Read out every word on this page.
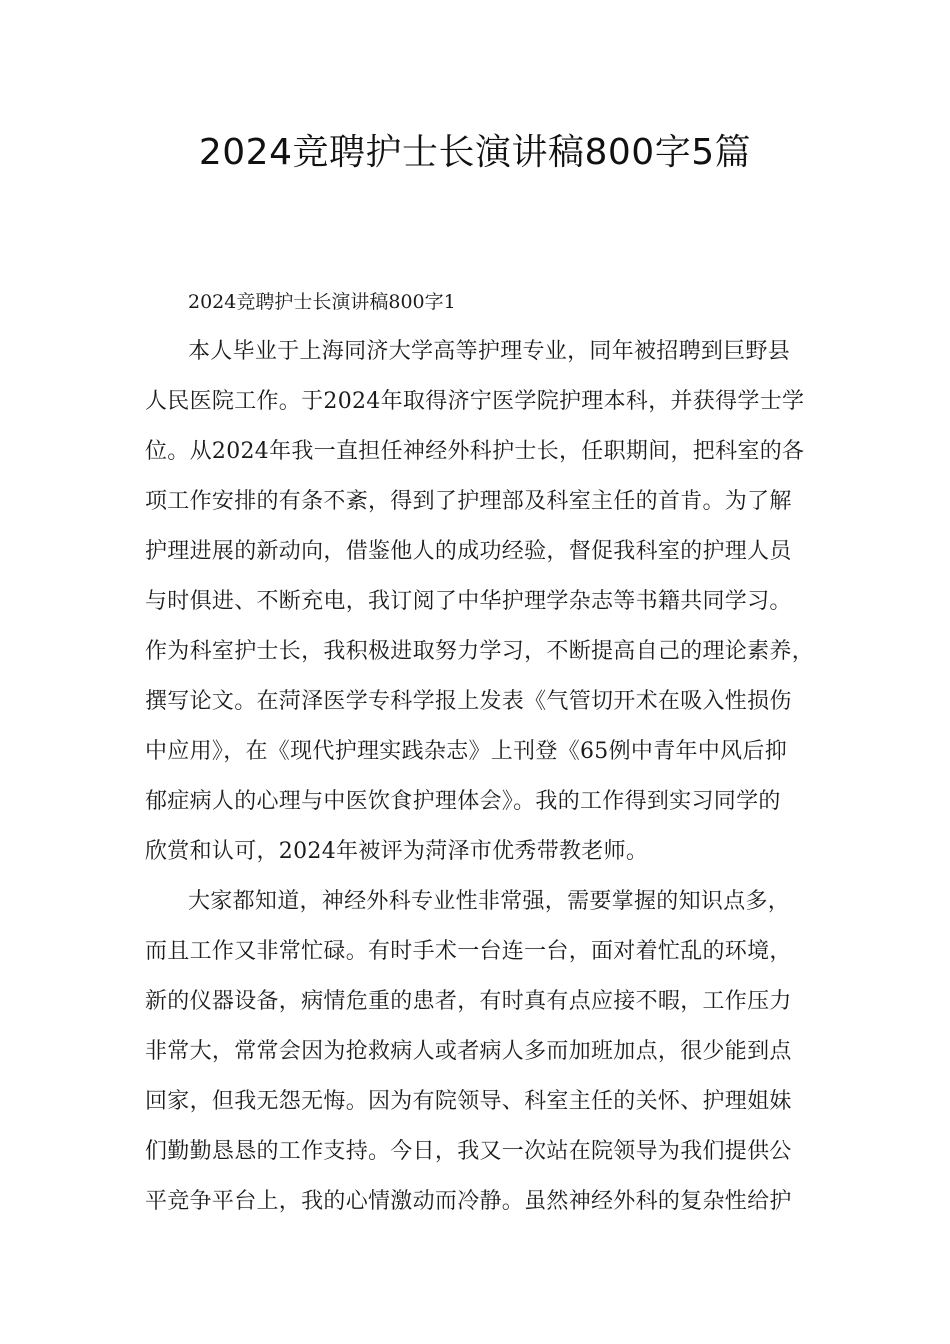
2024竞聘护士长演讲稿800字5篇
2024竞聘护士长演讲稿800字1
本人毕业于上海同济大学高等护理专业，同年被招聘到巨野县
人民医院工作。于2024年取得济宁医学院护理本科，并获得学士学
位。从2024年我一直担任神经外科护士长，任职期间，把科室的各
项工作安排的有条不紊，得到了护理部及科室主任的首肯。为了解
护理进展的新动向，借鉴他人的成功经验，督促我科室的护理人员
与时俱进、不断充电，我订阅了中华护理学杂志等书籍共同学习。
作为科室护士长，我积极进取努力学习，不断提高自己的理论素养，
撰写论文。在菏泽医学专科学报上发表《气管切开术在吸入性损伤
中应用》，在《现代护理实践杂志》上刊登《65例中青年中风后抑
郁症病人的心理与中医饮食护理体会》。我的工作得到实习同学的
欣赏和认可，2024年被评为菏泽市优秀带教老师。
大家都知道，神经外科专业性非常强，需要掌握的知识点多，
而且工作又非常忙碌。有时手术一台连一台，面对着忙乱的环境，
新的仪器设备，病情危重的患者，有时真有点应接不暇，工作压力
非常大，常常会因为抢救病人或者病人多而加班加点，很少能到点
回家，但我无怨无悔。因为有院领导、科室主任的关怀、护理姐妹
们勤勤恳恳的工作支持。今日，我又一次站在院领导为我们提供公
平竞争平台上，我的心情激动而冷静。虽然神经外科的复杂性给护
